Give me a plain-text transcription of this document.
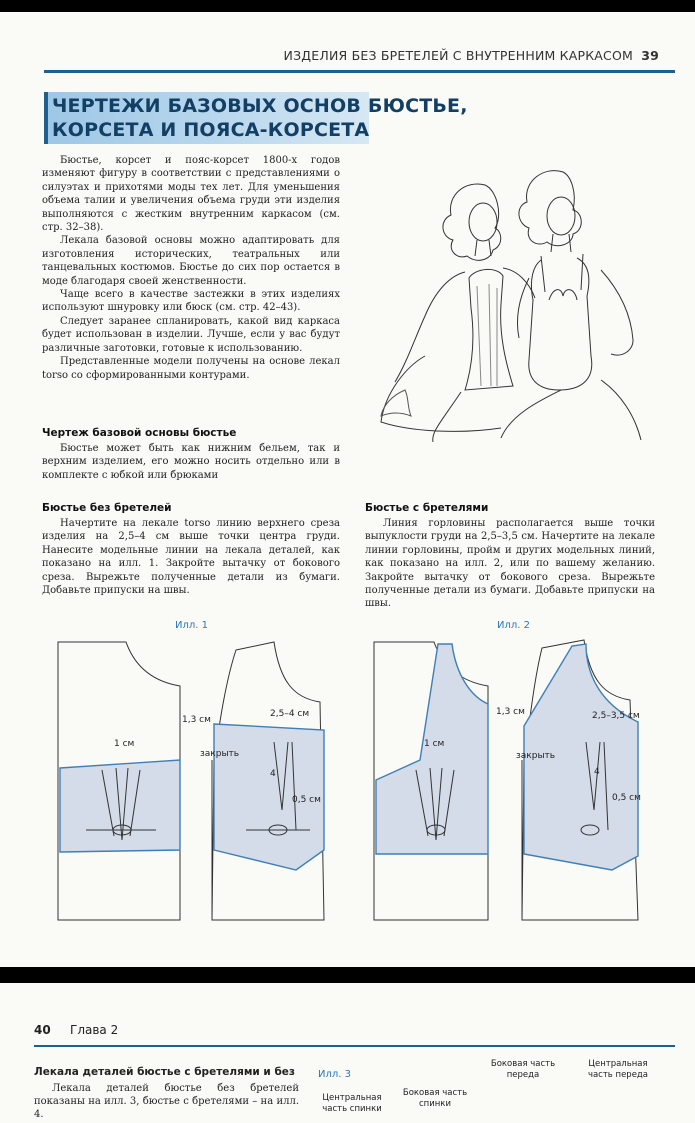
ИЗДЕЛИЯ БЕЗ БРЕТЕЛЕЙ С ВНУТРЕННИМ КАРКАСОМ 39
ЧЕРТЕЖИ БАЗОВЫХ ОСНОВ БЮСТЬЕ,
КОРСЕТА И ПОЯСА-КОРСЕТА

Бюстье, корсет и пояс-корсет 1800-х годов изменяют фигуру в соответствии с представлениями о силуэтах и прихотями моды тех лет. Для уменьшения объема талии и увеличения объема груди эти изделия выполняются с жестким внутренним каркасом (см. стр. 32–38).

Лекала базовой основы можно адаптировать для изготовления исторических, театральных или танцевальных костюмов. Бюстье до сих пор остается в моде благодаря своей женственности.

Чаще всего в качестве застежки в этих изделиях используют шнуровку или бюск (см. стр. 42–43).

Следует заранее спланировать, какой вид каркаса будет использован в изделии. Лучше, если у вас будут различные заготовки, готовые к использованию.

Представленные модели получены на основе лекал torso со сформированными контурами.

Чертеж базовой основы бюстье

Бюстье может быть как нижним бельем, так и верхним изделием, его можно носить отдельно или в комплекте с юбкой или брюками

Бюстье без бретелей

Начертите на лекале torso линию верхнего среза изделия на 2,5–4 см выше точки центра груди. Нанесите модельные линии на лекала деталей, как показано на илл. 1. Закройте вытачку от бокового среза. Вырежьте полученные детали из бумаги. Добавьте припуски на швы.

Бюстье с бретелями

Линия горловины располагается выше точки выпуклости груди на 2,5–3,5 см. Начертите на лекале линии горловины, пройм и других модельных линий, как показано на илл. 2, или по вашему желанию. Закройте вытачку от бокового среза. Вырежьте полученные детали из бумаги. Добавьте припуски на швы.

1,3 см
2,5–4 см
1 см
закрыть
4
0,5 см
Илл. 1
1,3 см	2,5–3,5 см
1 см
закрыть
4
0,5 см
Илл. 2
40 Глава 2
Лекала деталей бюстье с бретелями и без
Лекала деталей бюстье без бретелей показаны на илл. 3, бюстье с бретелями – на илл. 4.
Илл. 3
Боковая часть переда
Центральная часть переда
Боковая часть спинки
Центральная часть спинки
